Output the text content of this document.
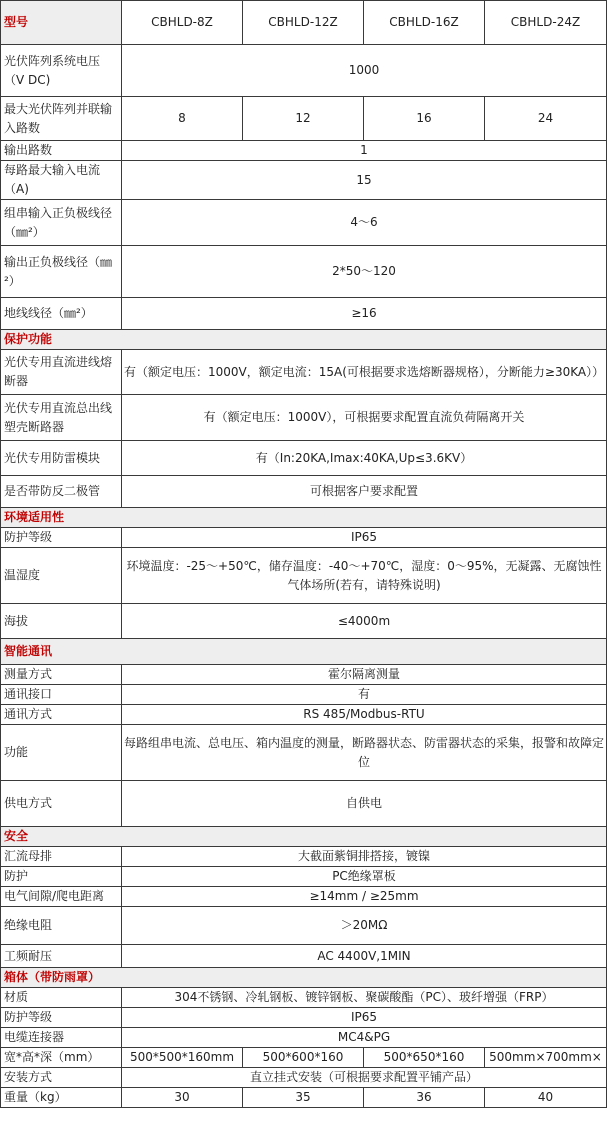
型号	CBHLD-8Z	CBHLD-12Z	CBHLD-16Z	CBHLD-24Z
光伏阵列系统电压（V DC)	1000			
最大光伏阵列并联输入路数	8	12	16	24
输出路数	1			
每路最大输入电流（A)	15			
组串输入正负极线径（㎜²）	4～6			
输出正负极线径（㎜²）	2*50～120			
地线线径（㎜²）	≥16			
保护功能				
光伏专用直流进线熔断器	有（额定电压：1000V，额定电流：15A(可根据要求选熔断器规格），分断能力≥30KA））			
光伏专用直流总出线塑壳断路器	有（额定电压：1000V），可根据要求配置直流负荷隔离开关			
光伏专用防雷模块	有（In:20KA,Imax:40KA,Up≤3.6KV）			
是否带防反二极管	可根据客户要求配置			
环境适用性				
防护等级	IP65			
温湿度	环境温度：-25～+50℃，储存温度：-40～+70℃，湿度：0～95%，无凝露、无腐蚀性气体场所(若有，请特殊说明)			
海拔	≤4000m			
智能通讯				
测量方式	霍尔隔离测量			
通讯接口	有			
通讯方式	RS 485/Modbus-RTU			
功能	每路组串电流、总电压、箱内温度的测量，断路器状态、防雷器状态的采集，报警和故障定位			
供电方式	自供电			
安全				
汇流母排	大截面紫铜排搭接，镀镍			
防护	PC绝缘罩板			
电气间隙/爬电距离	≥14mm / ≥25mm			
绝缘电阻	＞20MΩ			
工频耐压	AC 4400V,1MIN			
箱体（带防雨罩）				
材质	304不锈钢、冷轧钢板、镀锌钢板、聚碳酸酯（PC）、玻纤增强（FRP）			
防护等级	IP65			
电缆连接器	MC4&PG			
宽*高*深（mm）	500*500*160mm	500*600*160	500*650*160	500mm×700mm×
安装方式	直立挂式安装（可根据要求配置平铺产品）			
重量（kg）	30	35	36	40
